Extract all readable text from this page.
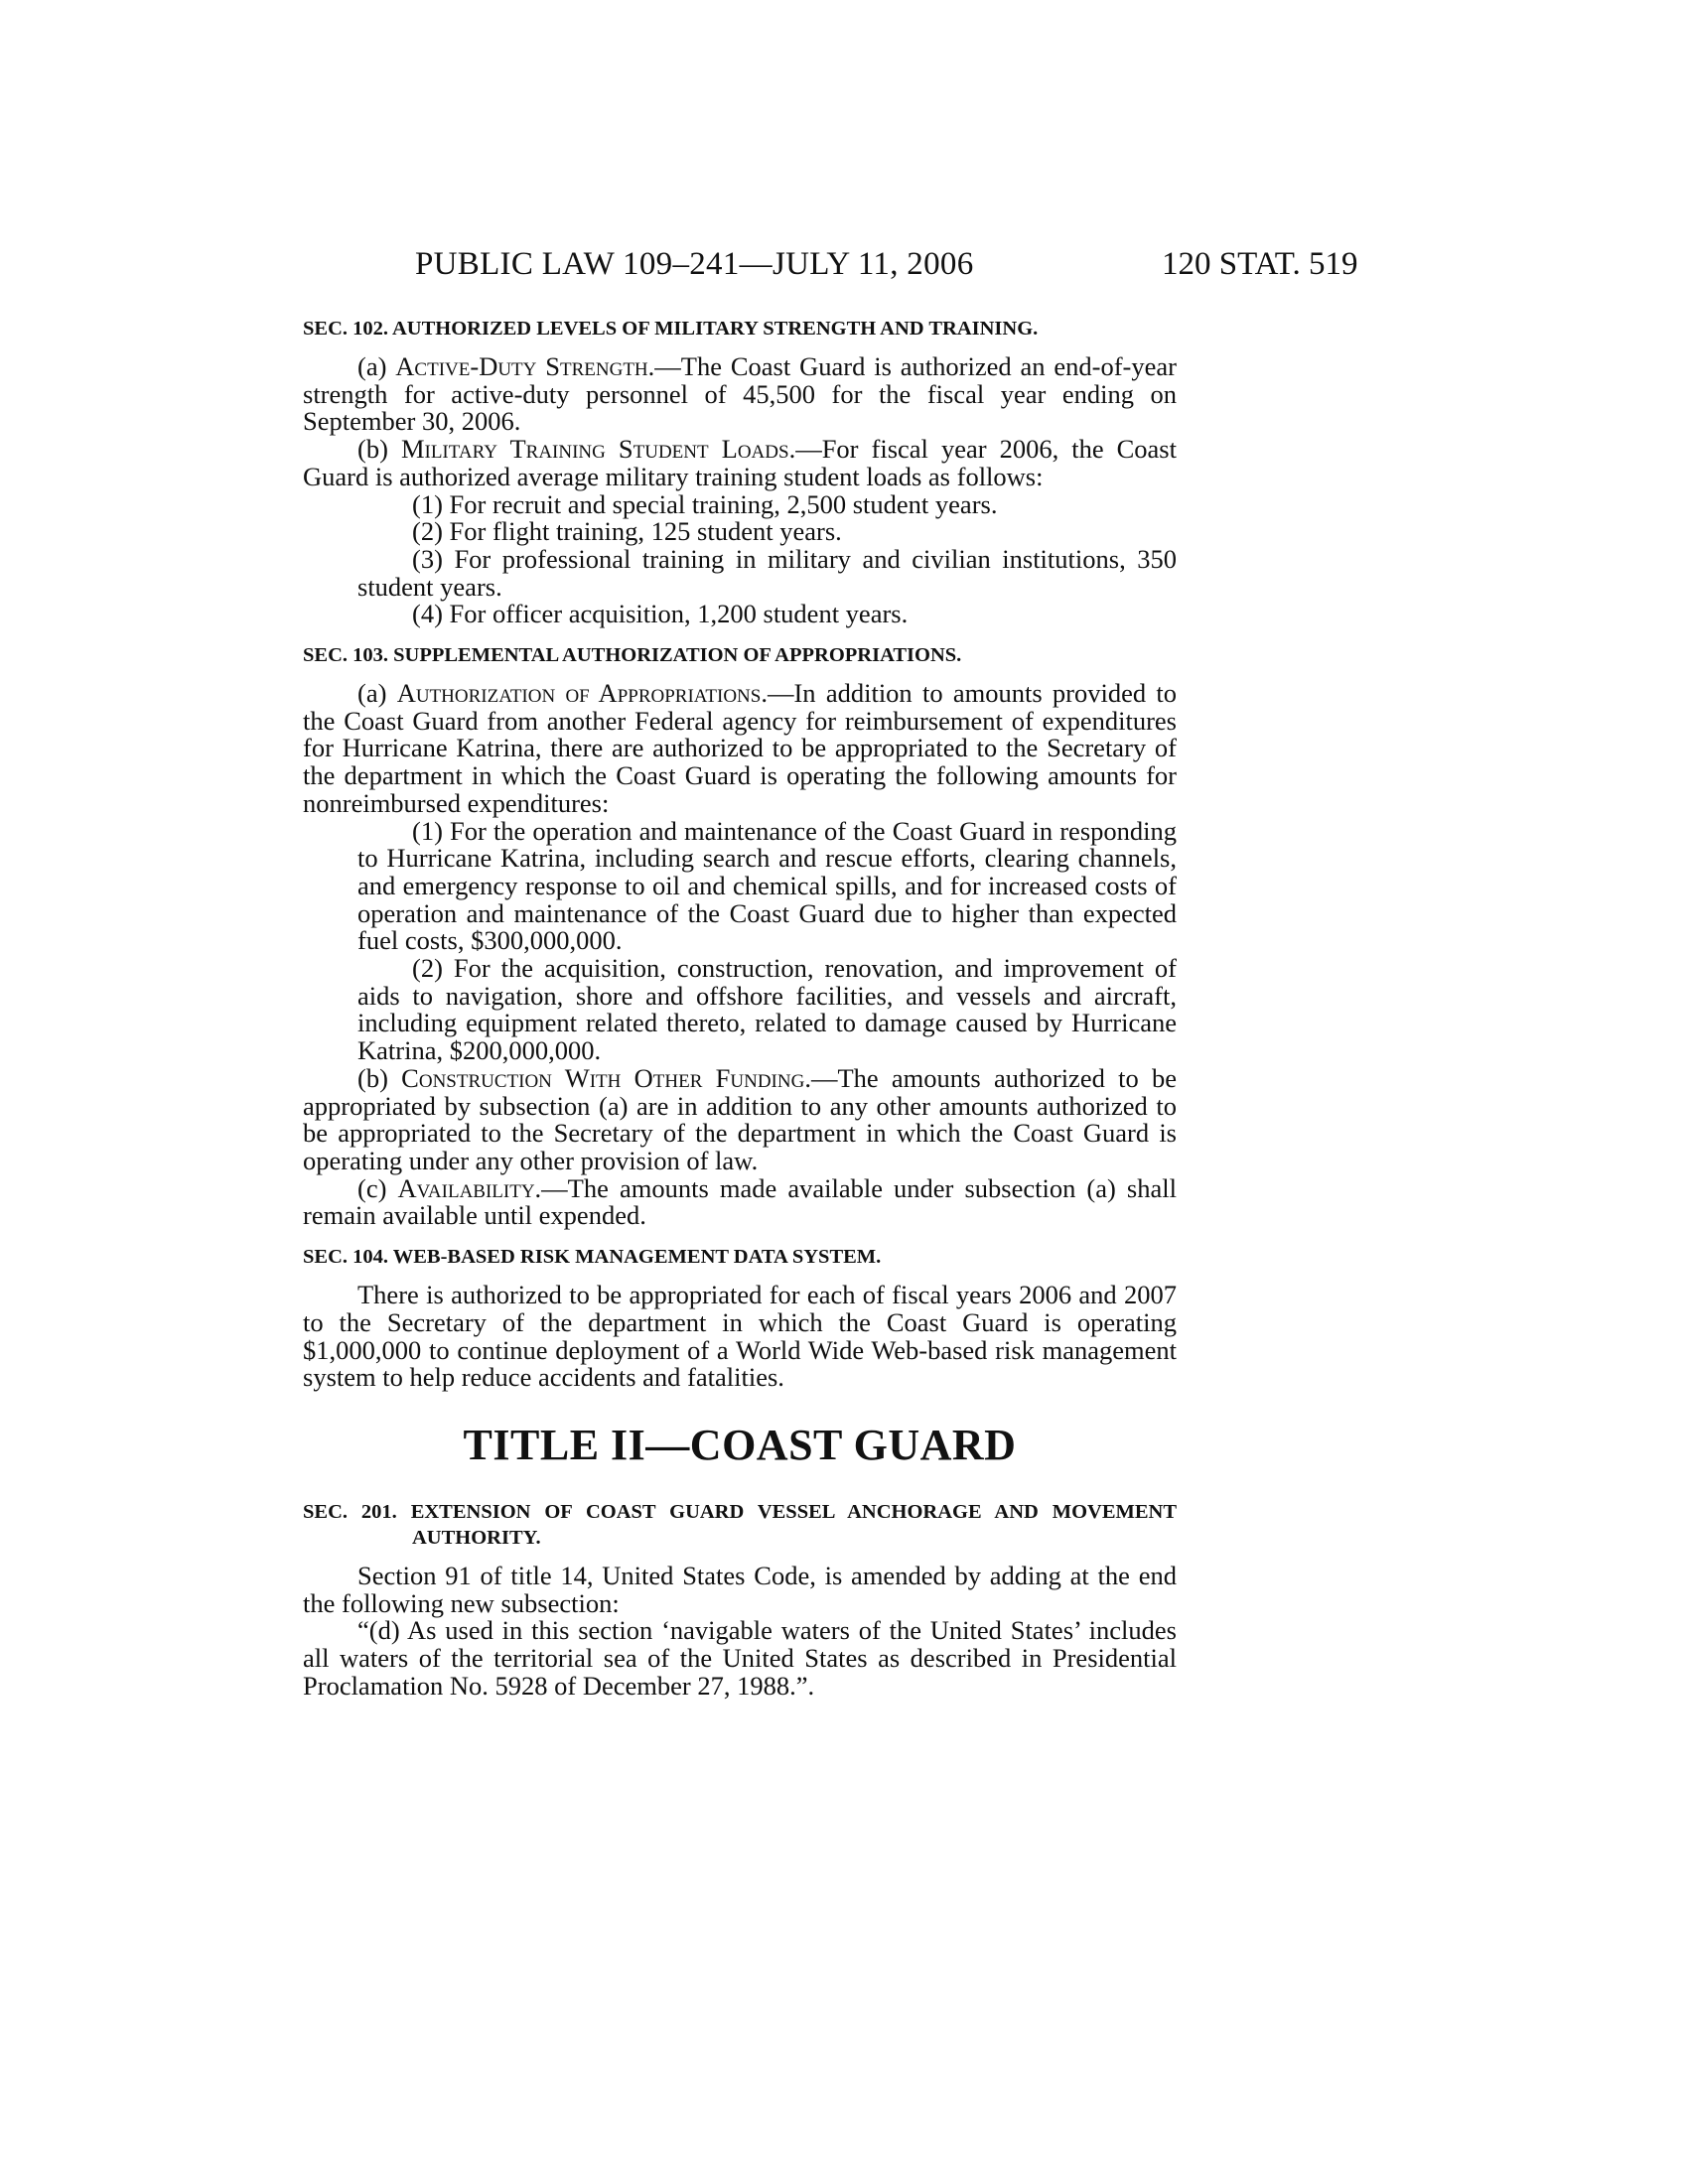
PUBLIC LAW 109–241—JULY 11, 2006	120 STAT. 519
SEC. 102. AUTHORIZED LEVELS OF MILITARY STRENGTH AND TRAINING.

(a) Active-Duty Strength.—The Coast Guard is authorized an end-of-year strength for active-duty personnel of 45,500 for the fiscal year ending on September 30, 2006.

(b) Military Training Student Loads.—For fiscal year 2006, the Coast Guard is authorized average military training student loads as follows:

(1) For recruit and special training, 2,500 student years.

(2) For flight training, 125 student years.

(3) For professional training in military and civilian institutions, 350 student years.

(4) For officer acquisition, 1,200 student years.

SEC. 103. SUPPLEMENTAL AUTHORIZATION OF APPROPRIATIONS.

(a) Authorization of Appropriations.—In addition to amounts provided to the Coast Guard from another Federal agency for reimbursement of expenditures for Hurricane Katrina, there are authorized to be appropriated to the Secretary of the department in which the Coast Guard is operating the following amounts for nonreimbursed expenditures:

(1) For the operation and maintenance of the Coast Guard in responding to Hurricane Katrina, including search and rescue efforts, clearing channels, and emergency response to oil and chemical spills, and for increased costs of operation and maintenance of the Coast Guard due to higher than expected fuel costs, $300,000,000.

(2) For the acquisition, construction, renovation, and improvement of aids to navigation, shore and offshore facilities, and vessels and aircraft, including equipment related thereto, related to damage caused by Hurricane Katrina, $200,000,000.

(b) Construction With Other Funding.—The amounts authorized to be appropriated by subsection (a) are in addition to any other amounts authorized to be appropriated to the Secretary of the department in which the Coast Guard is operating under any other provision of law.

(c) Availability.—The amounts made available under subsection (a) shall remain available until expended.

SEC. 104. WEB-BASED RISK MANAGEMENT DATA SYSTEM.

There is authorized to be appropriated for each of fiscal years 2006 and 2007 to the Secretary of the department in which the Coast Guard is operating $1,000,000 to continue deployment of a World Wide Web-based risk management system to help reduce accidents and fatalities.

TITLE II—COAST GUARD
SEC. 201. EXTENSION OF COAST GUARD VESSEL ANCHORAGE AND MOVEMENT AUTHORITY.

Section 91 of title 14, United States Code, is amended by adding at the end the following new subsection:

“(d) As used in this section ‘navigable waters of the United States’ includes all waters of the territorial sea of the United States as described in Presidential Proclamation No. 5928 of December 27, 1988.”.
